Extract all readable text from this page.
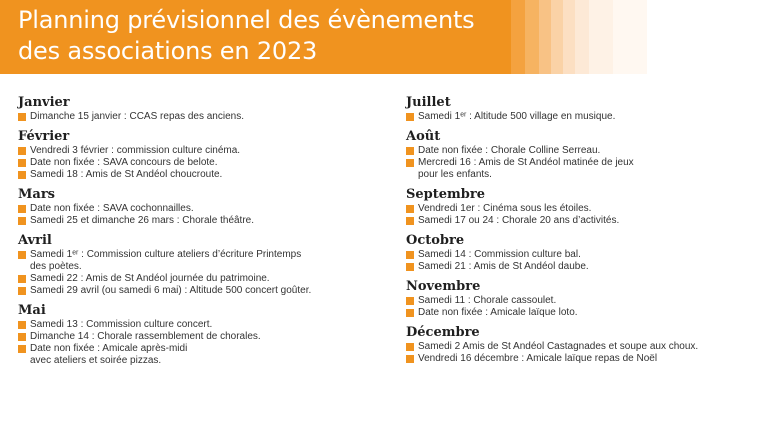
Planning prévisionnel des évènements
des associations en 2023
Janvier
Dimanche 15 janvier : CCAS repas des anciens.
Février
Vendredi 3 février : commission culture cinéma.
Date non fixée : SAVA concours de belote.
Samedi 18 : Amis de St Andéol choucroute.
Mars
Date non fixée : SAVA cochonnailles.
Samedi 25 et dimanche 26 mars : Chorale théâtre.
Avril
Samedi 1ᵉʳ : Commission culture ateliers d’écriture Printemps
des poètes.
Samedi 22 : Amis de St Andéol journée du patrimoine.
Samedi 29 avril (ou samedi 6 mai) : Altitude 500 concert goûter.
Mai
Samedi 13 : Commission culture concert.
Dimanche 14 : Chorale rassemblement de chorales.
Date non fixée : Amicale après-midi
avec ateliers et soirée pizzas.
Juillet
Samedi 1ᵉʳ : Altitude 500 village en musique.
Août
Date non fixée : Chorale Colline Serreau.
Mercredi 16 : Amis de St Andéol matinée de jeux
pour les enfants.
Septembre
Vendredi 1er : Cinéma sous les étoiles.
Samedi 17 ou 24 : Chorale 20 ans d’activités.
Octobre
Samedi 14 : Commission culture bal.
Samedi 21 : Amis de St Andéol daube.
Novembre
Samedi 11 : Chorale cassoulet.
Date non fixée : Amicale laïque loto.
Décembre
Samedi 2 Amis de St Andéol Castagnades et soupe aux choux.
Vendredi 16 décembre : Amicale laïque repas de Noël
